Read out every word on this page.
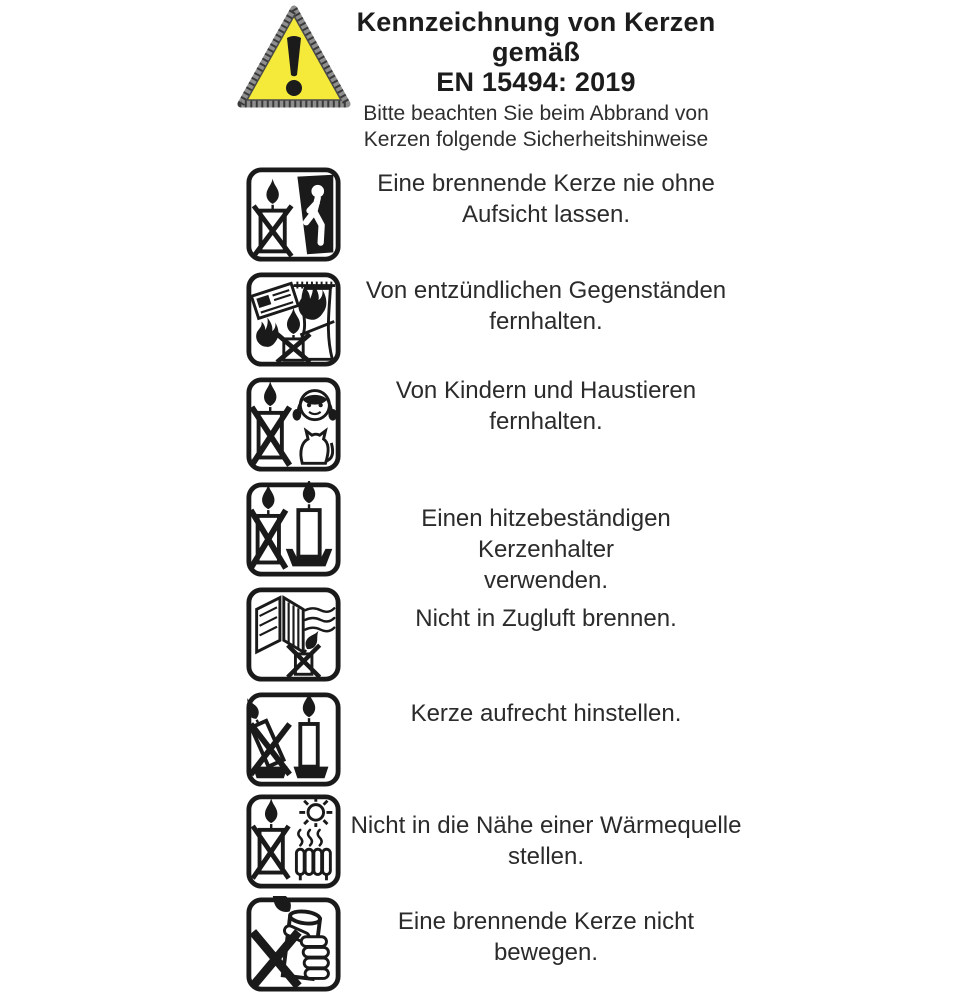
Kennzeichnung von Kerzen gemäß
EN 15494: 2019
Bitte beachten Sie beim Abbrand von
Kerzen folgende Sicherheitshinweise
Eine brennende Kerze nie ohne
Aufsicht lassen.
Von entzündlichen Gegenständen
fernhalten.
Von Kindern und Haustieren
fernhalten.
Einen hitzebeständigen Kerzenhalter
verwenden.
Nicht in Zugluft brennen.
Kerze aufrecht hinstellen.
Nicht in die Nähe einer Wärmequelle
stellen.
Eine brennende Kerze nicht
bewegen.
